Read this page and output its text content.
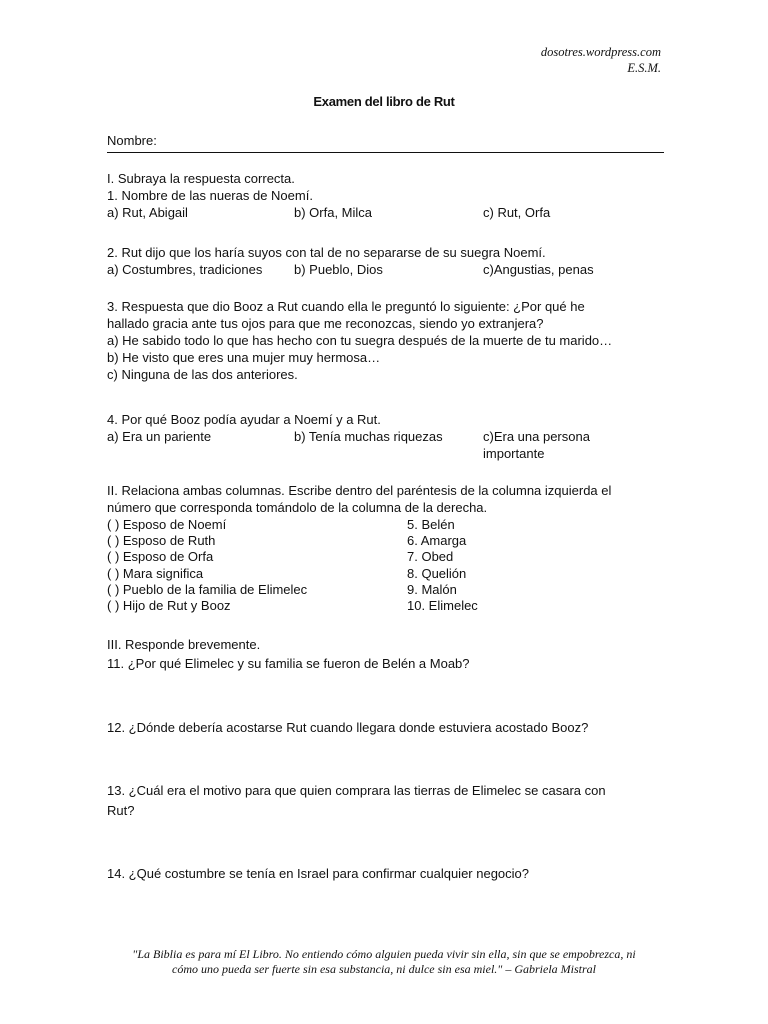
dosotres.wordpress.com
E.S.M.
Examen del libro de Rut
Nombre:
I. Subraya la respuesta correcta.
1. Nombre de las nueras de Noemí.
a) Rut, Abigail	b) Orfa, Milca	c) Rut, Orfa
2. Rut dijo que los haría suyos con tal de no separarse de su suegra Noemí.
a) Costumbres, tradiciones b) Pueblo, Dios	c)Angustias, penas
3. Respuesta que dio Booz a Rut cuando ella le preguntó lo siguiente: ¿Por qué he
hallado gracia ante tus ojos para que me reconozcas, siendo yo extranjera?
a) He sabido todo lo que has hecho con tu suegra después de la muerte de tu marido…
b) He visto que eres una mujer muy hermosa…
c) Ninguna de las dos anteriores.
4. Por qué Booz podía ayudar a Noemí y a Rut.
a) Era un pariente	b) Tenía muchas riquezas	c)Era una persona importante
II. Relaciona ambas columnas. Escribe dentro del paréntesis de la columna izquierda el
número que corresponda tomándolo de la columna de la derecha.
( ) Esposo de Noemí	5. Belén
( ) Esposo de Ruth	6. Amarga
( ) Esposo de Orfa	7. Obed
( ) Mara significa	8. Quelión
( ) Pueblo de la familia de Elimelec	9. Malón
( ) Hijo de Rut y Booz	10. Elimelec
III. Responde brevemente.
11. ¿Por qué Elimelec y su familia se fueron de Belén a Moab?
12. ¿Dónde debería acostarse Rut cuando llegara donde estuviera acostado Booz?
13. ¿Cuál era el motivo para que quien comprara las tierras de Elimelec se casara con
Rut?
14. ¿Qué costumbre se tenía en Israel para confirmar cualquier negocio?
"La Biblia es para mí El Libro. No entiendo cómo alguien pueda vivir sin ella, sin que se empobrezca, ni
cómo uno pueda ser fuerte sin esa substancia, ni dulce sin esa miel." – Gabriela Mistral
